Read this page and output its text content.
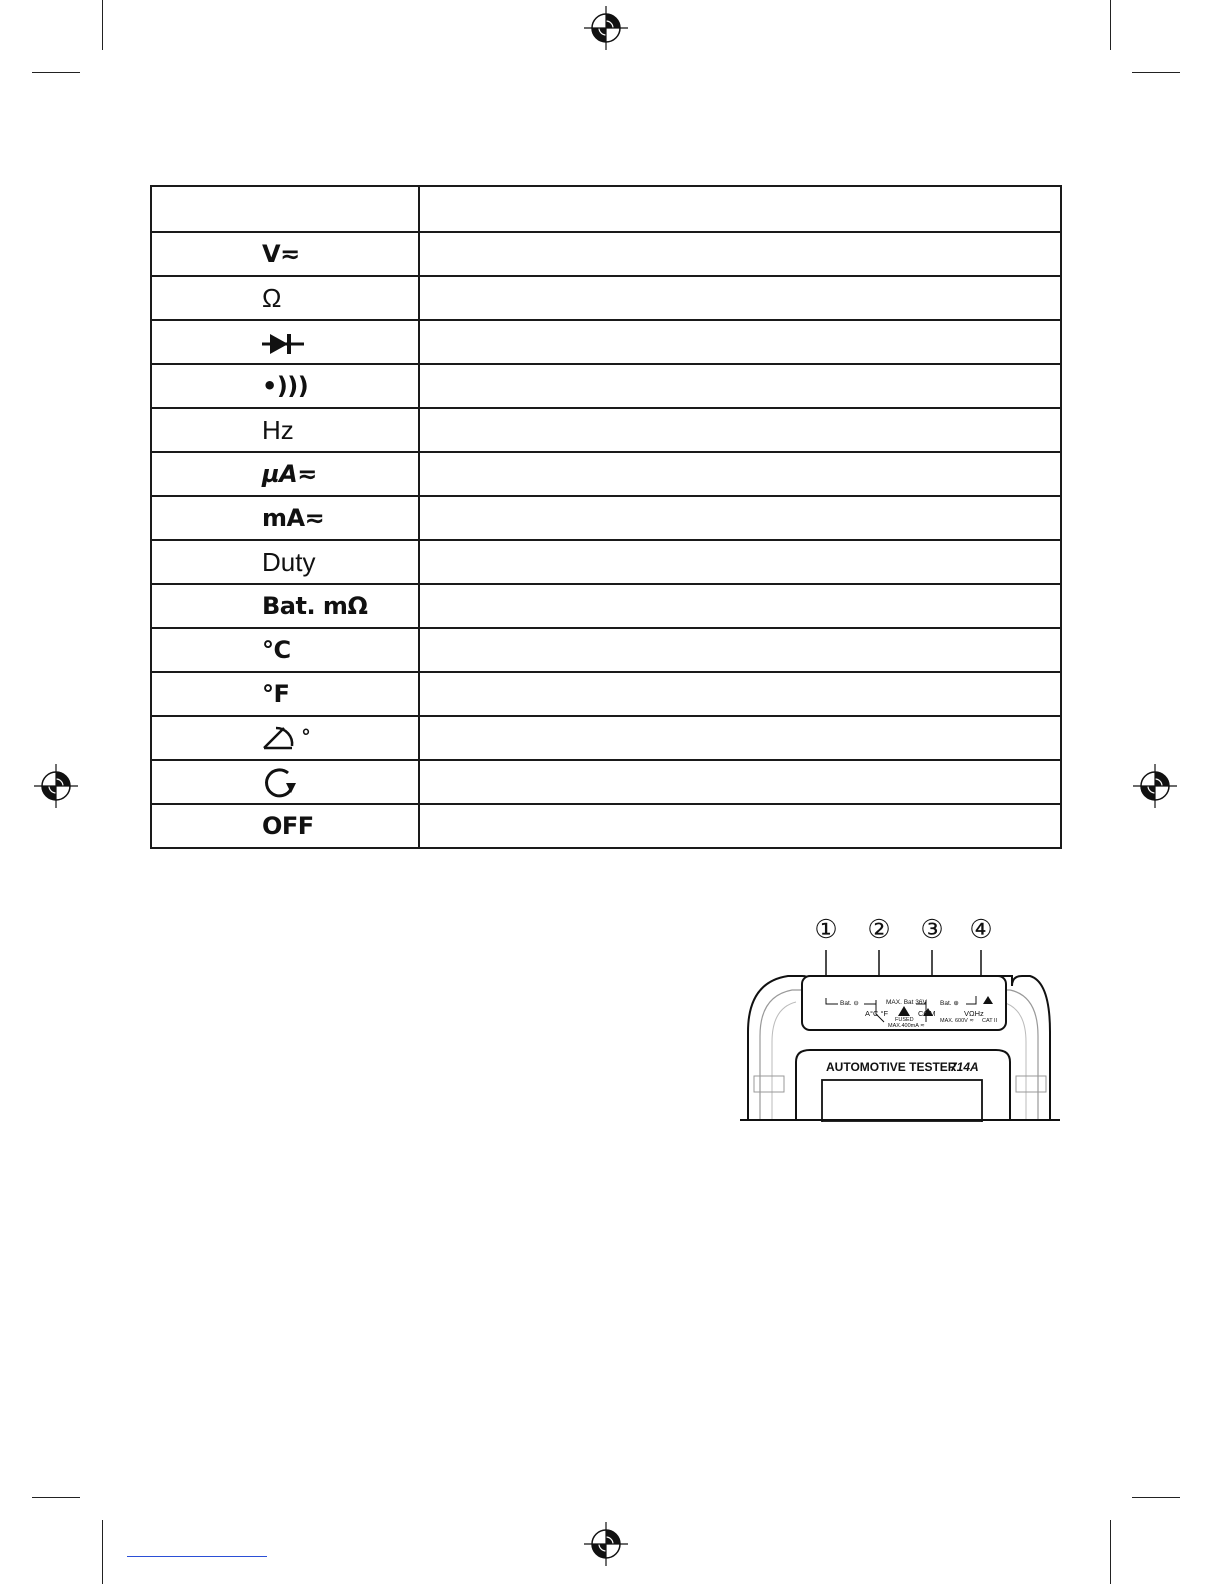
V≂	
Ω	

•)))	
Hz	
µA≂	
mA≂	
Duty	
Bat. mΩ	
°C	
°F	
°	

OFF	
① ② ③ ④
Bat. ⊖	MAX. Bat 36V Bat. ⊕
A°C °F	COM	VΩHz
FUSED
MAX.400mA ≂
MAX. 600V ≂ CAT II
AUTOMOTIVE TESTER
714A
